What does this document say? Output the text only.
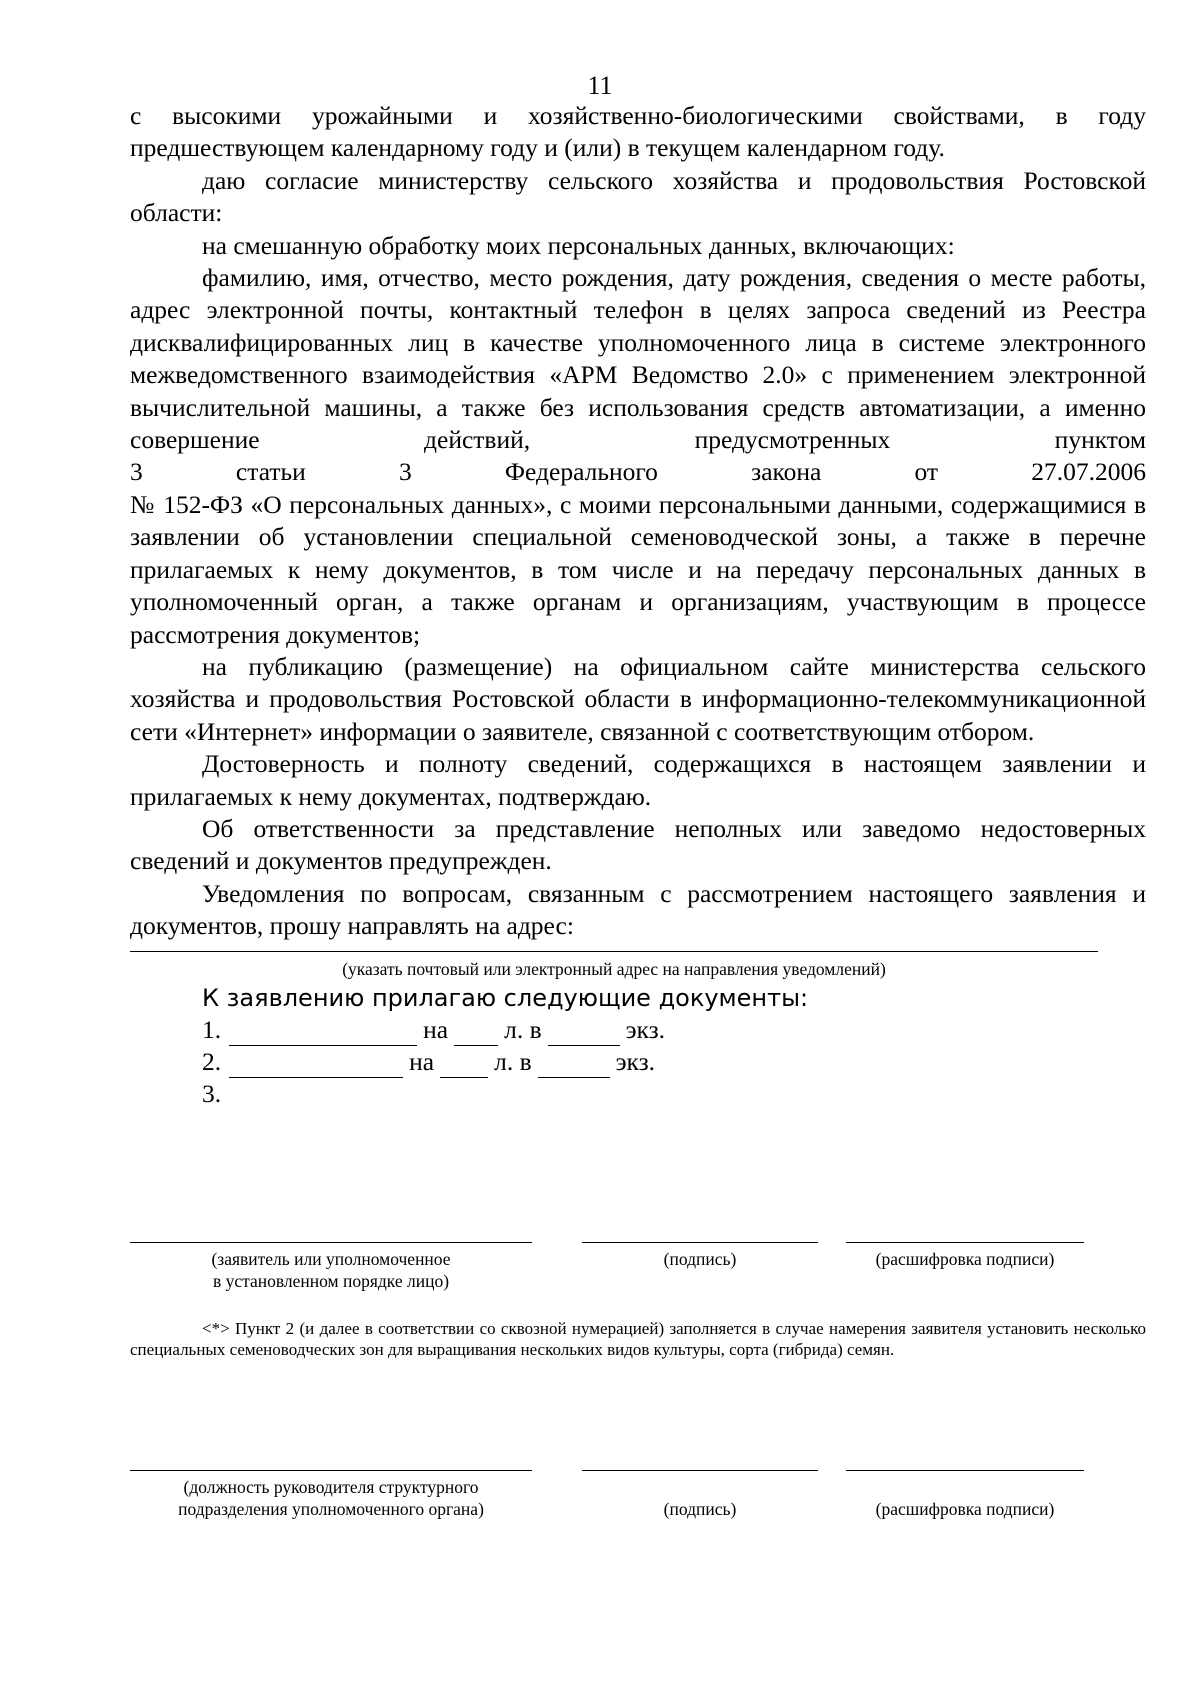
11

с высокими урожайными и хозяйственно-биологическими свойствами, в году предшествующем календарному году и (или) в текущем календарном году.

даю согласие министерству сельского хозяйства и продовольствия Ростовской области:

на смешанную обработку моих персональных данных, включающих:

фамилию, имя, отчество, место рождения, дату рождения, сведения о месте работы, адрес электронной почты, контактный телефон в целях запроса сведений из Реестра дисквалифицированных лиц в качестве уполномоченного лица в системе электронного межведомственного взаимодействия «АРМ Ведомство 2.0» с применением электронной вычислительной машины, а также без использования средств автоматизации, а именно совершение действий, предусмотренных пунктом

3 статьи 3 Федерального закона от 27.07.2006

№ 152-ФЗ «О персональных данных», с моими персональными данными, содержащимися в заявлении об установлении специальной семеноводческой зоны, а также в перечне прилагаемых к нему документов, в том числе и на передачу персональных данных в уполномоченный орган, а также органам и организациям, участвующим в процессе рассмотрения документов;

на публикацию (размещение) на официальном сайте министерства сельского хозяйства и продовольствия Ростовской области в информационно-телекоммуникационной сети «Интернет» информации о заявителе, связанной с соответствующим отбором.

Достоверность и полноту сведений, содержащихся в настоящем заявлении и прилагаемых к нему документах, подтверждаю.

Об ответственности за представление неполных или заведомо недостоверных сведений и документов предупрежден.

Уведомления по вопросам, связанным с рассмотрением настоящего заявления и документов, прошу направлять на адрес:

(указать почтовый или электронный адрес на направления уведомлений)
К заявлению прилагаю следующие документы:
1.	на л. в	экз.
2.	на л. в	экз.
3.
(заявитель или уполномоченное
в установленном порядке лицо)
(подпись)	(расшифровка подписи)
<*> Пункт 2 (и далее в соответствии со сквозной нумерацией) заполняется в случае намерения заявителя установить несколько специальных семеноводческих зон для выращивания нескольких видов культуры, сорта (гибрида) семян.
(должность руководителя структурного
подразделения уполномоченного органа)	(подпись)	(расшифровка подписи)
